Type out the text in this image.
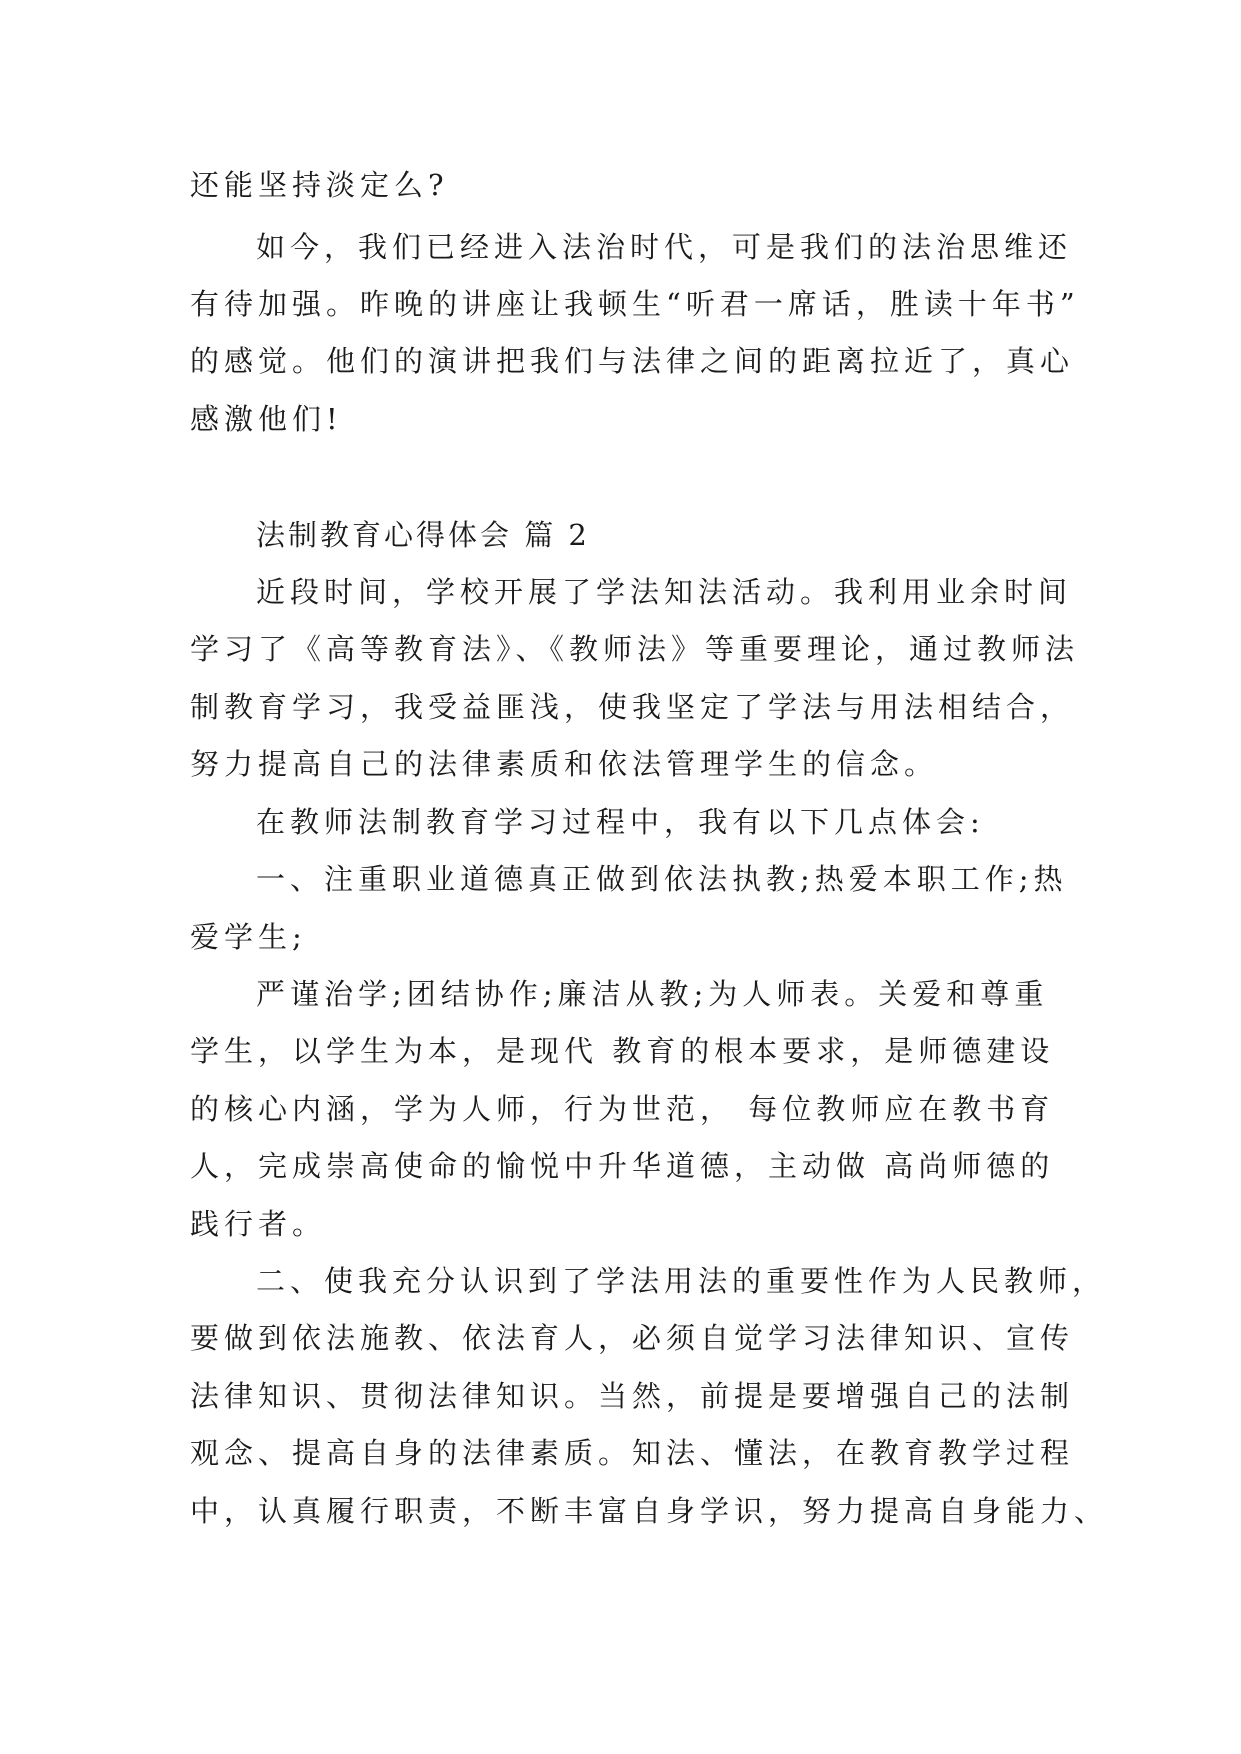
还能坚持淡定么?
如今，我们已经进入法治时代，可是我们的法治思维还
有待加强。昨晚的讲座让我顿生“听君一席话，胜读十年书”
的感觉。他们的演讲把我们与法律之间的距离拉近了，真心
感激他们!
法制教育心得体会 篇 2
近段时间，学校开展了学法知法活动。我利用业余时间
学习了《高等教育法》、《教师法》等重要理论，通过教师法
制教育学习，我受益匪浅，使我坚定了学法与用法相结合，
努力提高自己的法律素质和依法管理学生的信念。
在教师法制教育学习过程中，我有以下几点体会:
一、注重职业道德真正做到依法执教;热爱本职工作;热
爱学生;
严谨治学;团结协作;廉洁从教;为人师表。关爱和尊重
学生，以学生为本，是现代 教育的根本要求，是师德建设
的核心内涵，学为人师，行为世范， 每位教师应在教书育
人，完成崇高使命的愉悦中升华道德，主动做 高尚师德的
践行者。
二、使我充分认识到了学法用法的重要性作为人民教师，
要做到依法施教、依法育人，必须自觉学习法律知识、宣传
法律知识、贯彻法律知识。当然，前提是要增强自己的法制
观念、提高自身的法律素质。知法、懂法，在教育教学过程
中，认真履行职责，不断丰富自身学识，努力提高自身能力、
